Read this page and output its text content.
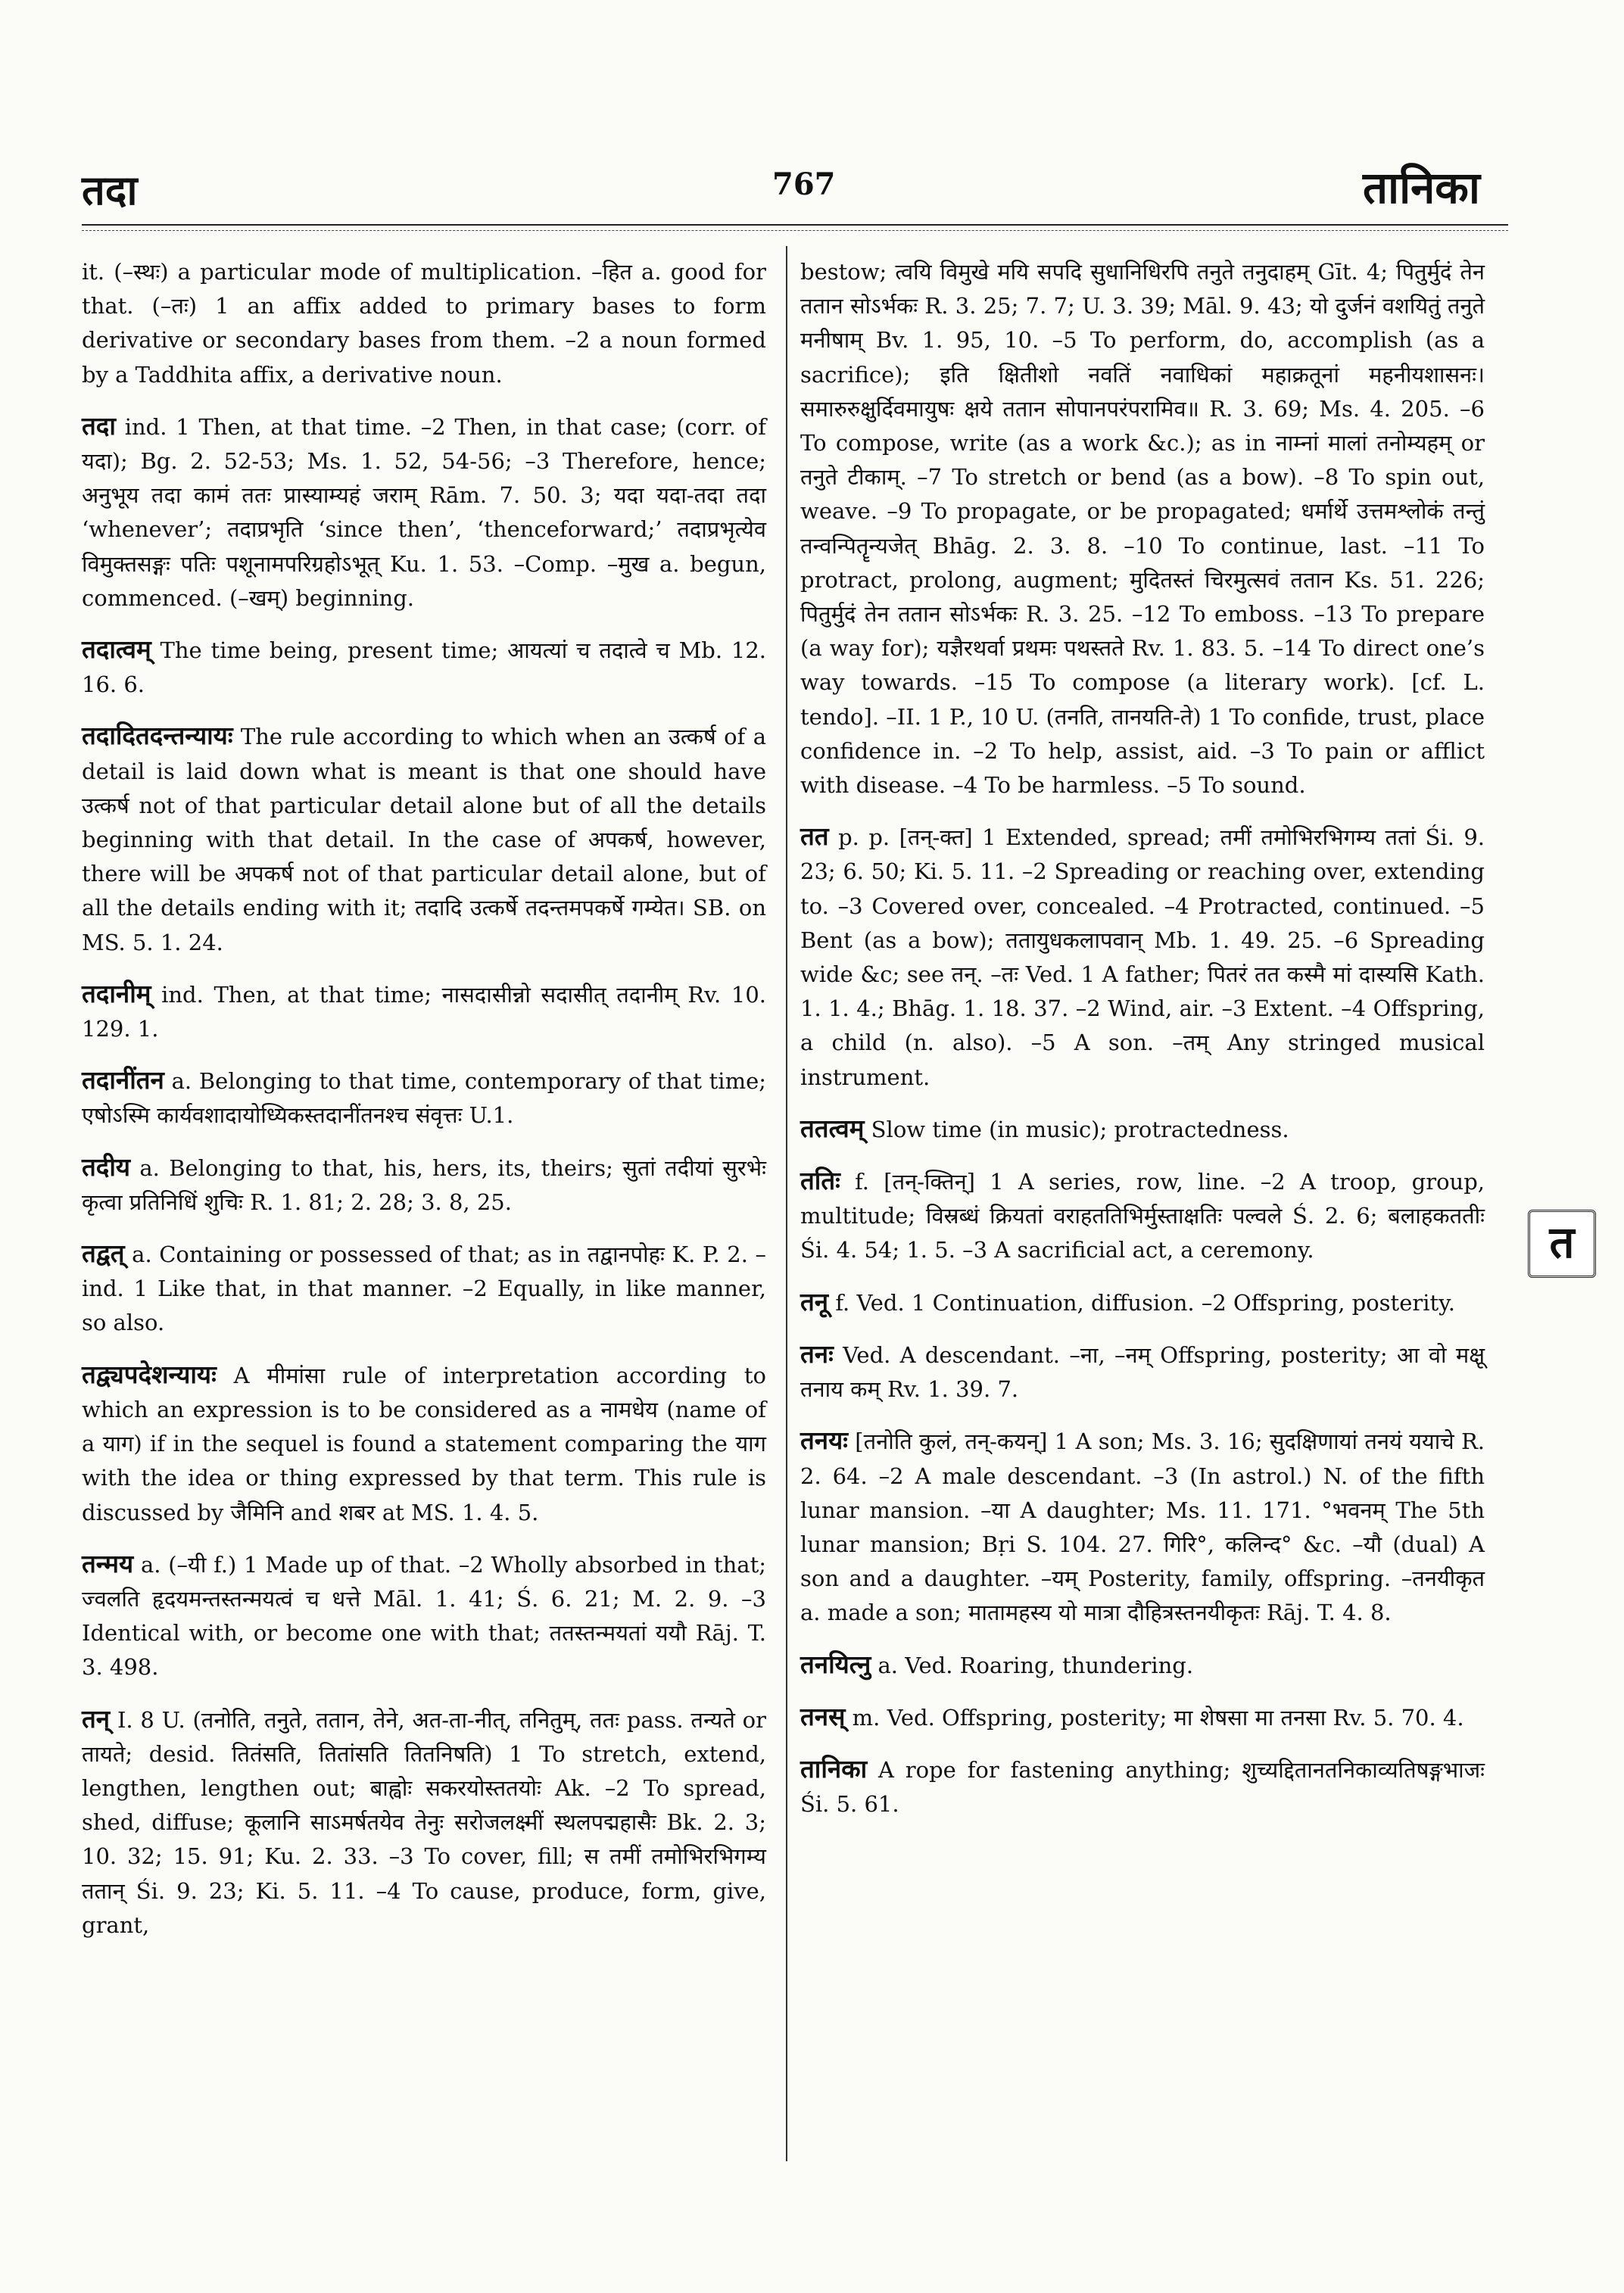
तदा	767	तानिका
it. (–स्थः) a particular mode of multiplication. –हित a. good for that. (–तः) 1 an affix added to primary bases to form derivative or secondary bases from them. –2 a noun formed by a Taddhita affix, a derivative noun.
तदा ind. 1 Then, at that time. –2 Then, in that case; (corr. of यदा); Bg. 2. 52-53; Ms. 1. 52, 54-56; –3 Therefore, hence; अनुभूय तदा कामं ततः प्रास्याम्यहं जराम् Rām. 7. 50. 3; यदा यदा-तदा तदा ‘whenever’; तदाप्रभृति ‘since then’, ‘thenceforward;’ तदाप्रभृत्येव विमुक्तसङ्गः पतिः पशूनामपरिग्रहोऽभूत् Ku. 1. 53. –Comp. –मुख a. begun, commenced. (–खम्) beginning.
तदात्वम् The time being, present time; आयत्यां च तदात्वे च Mb. 12. 16. 6.
तदादितदन्तन्यायः The rule according to which when an उत्कर्ष of a detail is laid down what is meant is that one should have उत्कर्ष not of that particular detail alone but of all the details beginning with that detail. In the case of अपकर्ष, however, there will be अपकर्ष not of that particular detail alone, but of all the details ending with it; तदादि उत्कर्षे तदन्तमपकर्षे गम्येत। SB. on MS. 5. 1. 24.
तदानीम् ind. Then, at that time; नासदासीन्नो सदासीत् तदानीम् Rv. 10. 129. 1.
तदानींतन a. Belonging to that time, contemporary of that time; एषोऽस्मि कार्यवशादायोध्यिकस्तदानींतनश्च संवृत्तः U.1.
तदीय a. Belonging to that, his, hers, its, theirs; सुतां तदीयां सुरभेः कृत्वा प्रतिनिधिं शुचिः R. 1. 81; 2. 28; 3. 8, 25.
तद्वत् a. Containing or possessed of that; as in तद्वानपोहः K. P. 2. –ind. 1 Like that, in that manner. –2 Equally, in like manner, so also.
तद्व्यपदेशन्यायः A मीमांसा rule of interpretation according to which an expression is to be considered as a नामधेय (name of a याग) if in the sequel is found a statement comparing the याग with the idea or thing expressed by that term. This rule is discussed by जैमिनि and शबर at MS. 1. 4. 5.
तन्मय a. (–यी f.) 1 Made up of that. –2 Wholly absorbed in that; ज्वलति हृदयमन्तस्तन्मयत्वं च धत्ते Māl. 1. 41; Ś. 6. 21; M. 2. 9. –3 Identical with, or become one with that; ततस्तन्मयतां ययौ Rāj. T. 3. 498.
तन् I. 8 U. (तनोति, तनुते, ततान, तेने, अत-ता-नीत्, तनितुम्, ततः pass. तन्यते or तायते; desid. तितंसति, तितांसति तितनिषति) 1 To stretch, extend, lengthen, lengthen out; बाह्वोः सकरयोस्ततयोः Ak. –2 To spread, shed, diffuse; कूलानि साऽमर्षतयेव तेनुः सरोजलक्ष्मीं स्थलपद्महासैः Bk. 2. 3; 10. 32; 15. 91; Ku. 2. 33. –3 To cover, fill; स तमीं तमोभिरभिगम्य ततान् Śi. 9. 23; Ki. 5. 11. –4 To cause, produce, form, give, grant,
bestow; त्वयि विमुखे मयि सपदि सुधानिधिरपि तनुते तनुदाहम् Gīt. 4; पितुर्मुदं तेन ततान सोऽर्भकः R. 3. 25; 7. 7; U. 3. 39; Māl. 9. 43; यो दुर्जनं वशयितुं तनुते मनीषाम् Bv. 1. 95, 10. –5 To perform, do, accomplish (as a sacrifice); इति क्षितीशो नवतिं नवाधिकां महाक्रतूनां महनीयशासनः। समारुरुक्षुर्दिवमायुषः क्षये ततान सोपानपरंपरामिव॥ R. 3. 69; Ms. 4. 205. –6 To compose, write (as a work &c.); as in नाम्नां मालां तनोम्यहम् or तनुते टीकाम्. –7 To stretch or bend (as a bow). –8 To spin out, weave. –9 To propagate, or be propagated; धर्मार्थे उत्तमश्लोकं तन्तुं तन्वन्पितॄन्यजेत् Bhāg. 2. 3. 8. –10 To continue, last. –11 To protract, prolong, augment; मुदितस्तं चिरमुत्सवं ततान Ks. 51. 226; पितुर्मुदं तेन ततान सोऽर्भकः R. 3. 25. –12 To emboss. –13 To prepare (a way for); यज्ञैरथर्वा प्रथमः पथस्तते Rv. 1. 83. 5. –14 To direct one’s way towards. –15 To compose (a literary work). [cf. L. tendo]. –II. 1 P., 10 U. (तनति, तानयति-ते) 1 To confide, trust, place confidence in. –2 To help, assist, aid. –3 To pain or afflict with disease. –4 To be harmless. –5 To sound.
तत p. p. [तन्-क्त] 1 Extended, spread; तमीं तमोभिरभिगम्य ततां Śi. 9. 23; 6. 50; Ki. 5. 11. –2 Spreading or reaching over, extending to. –3 Covered over, concealed. –4 Protracted, continued. –5 Bent (as a bow); ततायुधकलापवान् Mb. 1. 49. 25. –6 Spreading wide &c; see तन्. –तः Ved. 1 A father; पितरं तत कस्मै मां दास्यसि Kath. 1. 1. 4.; Bhāg. 1. 18. 37. –2 Wind, air. –3 Extent. –4 Offspring, a child (n. also). –5 A son. –तम् Any stringed musical instrument.
ततत्वम् Slow time (in music); protractedness.
ततिः f. [तन्-क्तिन्] 1 A series, row, line. –2 A troop, group, multitude; विस्रब्धं क्रियतां वराहततिभिर्मुस्ताक्षतिः पल्वले Ś. 2. 6; बलाहकततीः Śi. 4. 54; 1. 5. –3 A sacrificial act, a ceremony.
तनू f. Ved. 1 Continuation, diffusion. –2 Offspring, posterity.
तनः Ved. A descendant. –ना, –नम् Offspring, posterity; आ वो मक्षू तनाय कम् Rv. 1. 39. 7.
तनयः [तनोति कुलं, तन्-कयन्] 1 A son; Ms. 3. 16; सुदक्षिणायां तनयं ययाचे R. 2. 64. –2 A male descendant. –3 (In astrol.) N. of the fifth lunar mansion. –या A daughter; Ms. 11. 171. °भवनम् The 5th lunar mansion; Bṛi S. 104. 27. गिरि°, कलिन्द° &c. –यौ (dual) A son and a daughter. –यम् Posterity, family, offspring. –तनयीकृत a. made a son; मातामहस्य यो मात्रा दौहित्रस्तनयीकृतः Rāj. T. 4. 8.
तनयित्नु a. Ved. Roaring, thundering.
तनस् m. Ved. Offspring, posterity; मा शेषसा मा तनसा Rv. 5. 70. 4.
तानिका A rope for fastening anything; शुच्यद्दितानतनिकाव्यतिषङ्गभाजः Śi. 5. 61.
त
